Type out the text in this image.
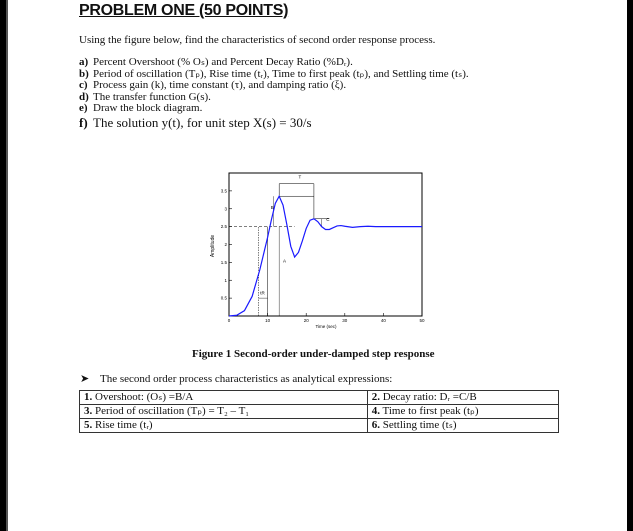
PROBLEM ONE (50 POINTS)
Using the figure below, find the characteristics of second order response process.
a) Percent Overshoot (% Oₛ) and Percent Decay Ratio (%Dᵣ).
b) Period of oscillation (Tₚ), Rise time (tᵣ), Time to first peak (tₚ), and Settling time (tₛ).
c) Process gain (k), time constant (τ), and damping ratio (ξ).
d) The transfer function G(s).
e) Draw the block diagram.
f) The solution y(t), for unit step X(s) = 30/s
0.5
1
1.5
2
2.5
3
3.5
0	10	20	30	40	50
Amplitude
Time (sec)
T
B
C
A
tR
Figure 1 Second-order under-damped step response
➤ The second order process characteristics as analytical expressions:
1. Overshoot: (Oₛ) =B/A	2. Decay ratio: Dᵣ =C/B
3. Period of oscillation (Tₚ) = T₂ – T₁	4. Time to first peak (tₚ)
5. Rise time (tᵣ)	6. Settling time (tₛ)
